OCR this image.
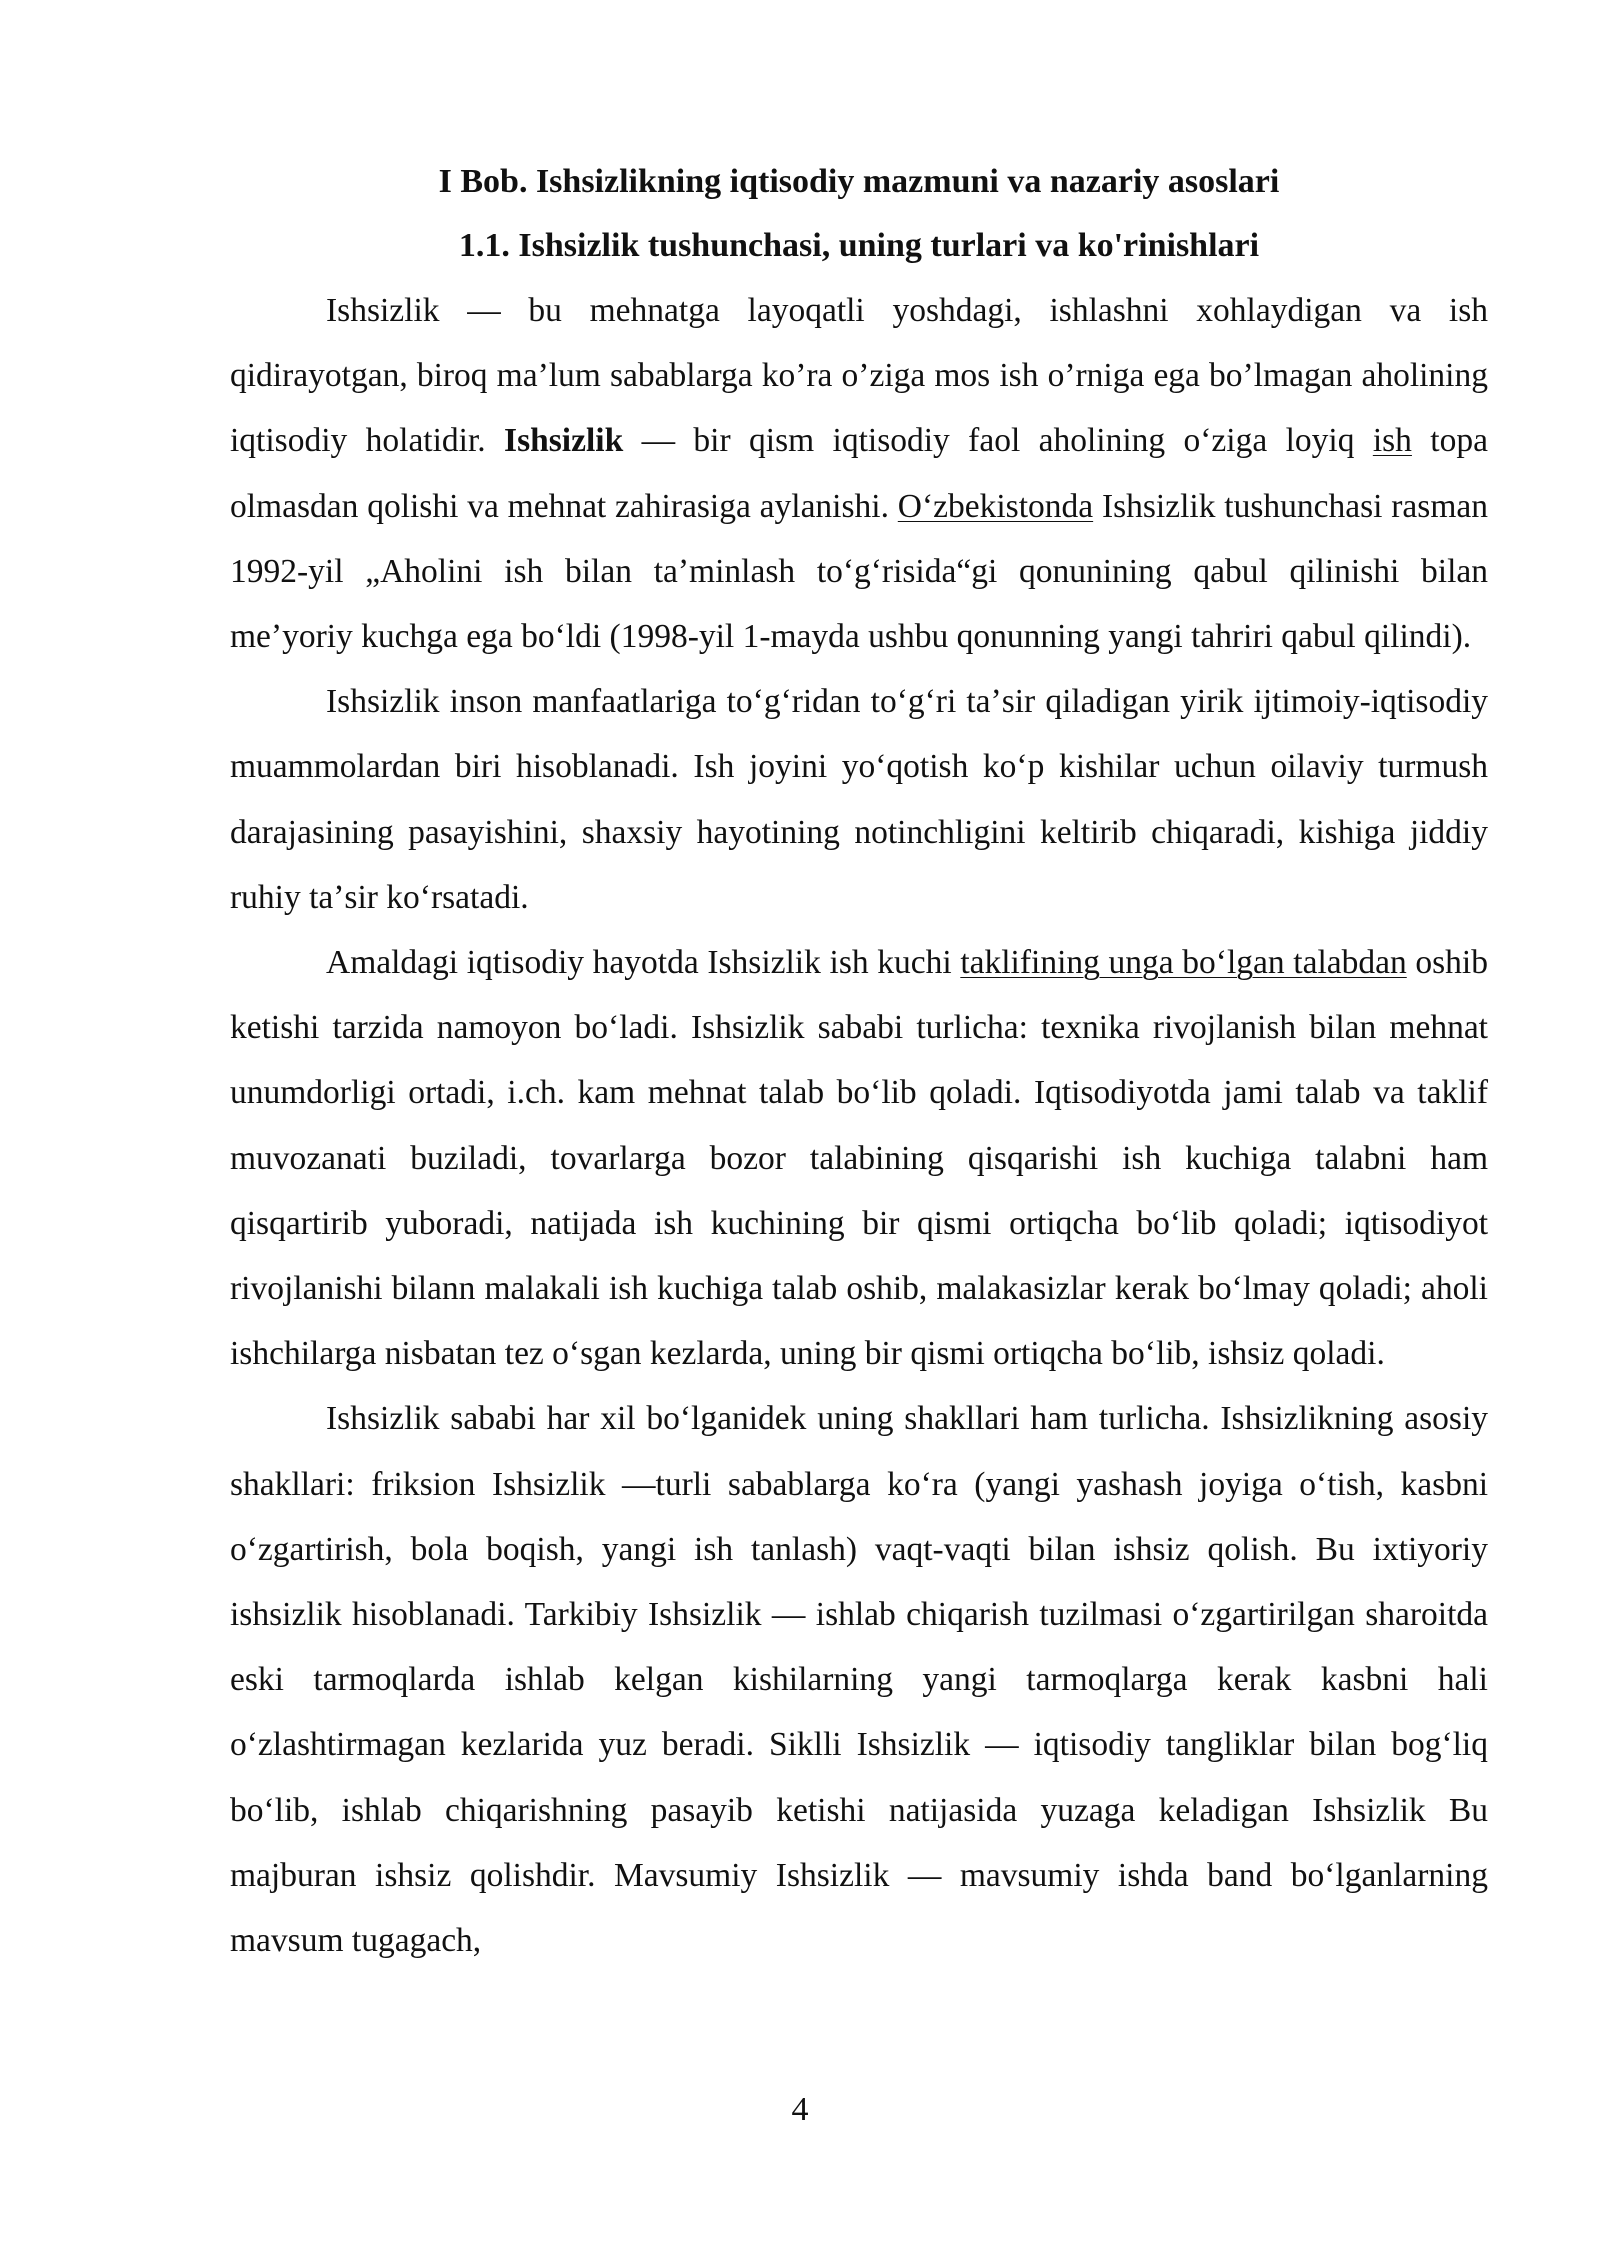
I Bob. Ishsizlikning iqtisodiy mazmuni va nazariy asoslari
1.1. Ishsizlik tushunchasi, uning turlari va ko'rinishlari

Ishsizlik — bu mehnatga layoqatli yoshdagi, ishlashni xohlaydigan va ish qidirayotgan, biroq ma’lum sabablarga ko’ra o’ziga mos ish o’rniga ega bo’lmagan aholining iqtisodiy holatidir. Ishsizlik — bir qism iqtisodiy faol aholining oʻziga loyiq ish topa olmasdan qolishi va mehnat zahirasiga aylanishi. Oʻzbekistonda Ishsizlik tushunchasi rasman 1992-yil „Aholini ish bilan taʼminlash toʻgʻrisida“gi qonunining qabul qilinishi bilan meʼyoriy kuchga ega boʻldi (1998-yil 1-mayda ushbu qonunning yangi tahriri qabul qilindi).

Ishsizlik inson manfaatlariga toʻgʻridan toʻgʻri taʼsir qiladigan yirik ijtimoiy-iqtisodiy muammolardan biri hisoblanadi. Ish joyini yoʻqotish koʻp kishilar uchun oilaviy turmush darajasining pasayishini, shaxsiy hayotining notinchligini keltirib chiqaradi, kishiga jiddiy ruhiy taʼsir koʻrsatadi.

Amaldagi iqtisodiy hayotda Ishsizlik ish kuchi taklifining unga boʻlgan talabdan oshib ketishi tarzida namoyon boʻladi. Ishsizlik sababi turlicha: texnika rivojlanish bilan mehnat unumdorligi ortadi, i.ch. kam mehnat talab boʻlib qoladi. Iqtisodiyotda jami talab va taklif muvozanati buziladi, tovarlarga bozor talabining qisqarishi ish kuchiga talabni ham qisqartirib yuboradi, natijada ish kuchining bir qismi ortiqcha boʻlib qoladi; iqtisodiyot rivojlanishi bilann malakali ish kuchiga talab oshib, malakasizlar kerak boʻlmay qoladi; aholi ishchilarga nisbatan tez oʻsgan kezlarda, uning bir qismi ortiqcha boʻlib, ishsiz qoladi.

Ishsizlik sababi har xil boʻlganidek uning shakllari ham turlicha. Ishsizlikning asosiy shakllari: friksion Ishsizlik —turli sabablarga koʻra (yangi yashash joyiga oʻtish, kasbni oʻzgartirish, bola boqish, yangi ish tanlash) vaqt-vaqti bilan ishsiz qolish. Bu ixtiyoriy ishsizlik hisoblanadi. Tarkibiy Ishsizlik — ishlab chiqarish tuzilmasi oʻzgartirilgan sharoitda eski tarmoqlarda ishlab kelgan kishilarning yangi tarmoqlarga kerak kasbni hali oʻzlashtirmagan kezlarida yuz beradi. Siklli Ishsizlik — iqtisodiy tangliklar bilan bogʻliq boʻlib, ishlab chiqarishning pasayib ketishi natijasida yuzaga keladigan Ishsizlik Bu majburan ishsiz qolishdir. Mavsumiy Ishsizlik — mavsumiy ishda band boʻlganlarning mavsum tugagach,

4
